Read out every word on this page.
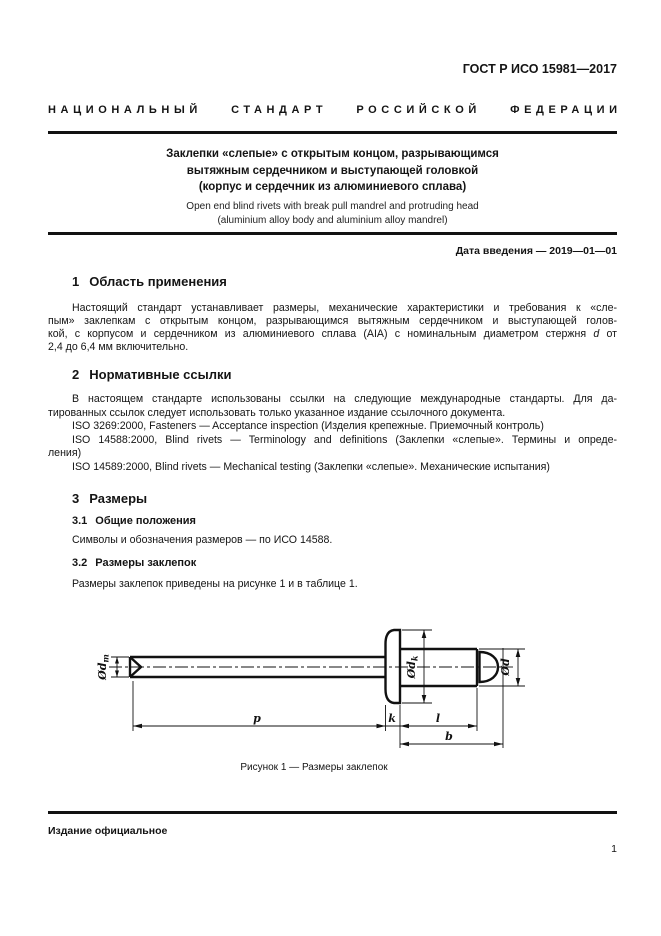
ГОСТ Р ИСО 15981—2017
НАЦИОНАЛЬНЫЙ	СТАНДАРТ	РОССИЙСКОЙ	ФЕДЕРАЦИИ
Заклепки «слепые» с открытым концом, разрывающимся
вытяжным сердечником и выступающей головкой
(корпус и сердечник из алюминиевого сплава)
Open end blind rivets with break pull mandrel and protruding head
(aluminium alloy body and aluminium alloy mandrel)
Дата введения — 2019—01—01
1 Область применения
Настоящий стандарт устанавливает размеры, механические характеристики и требования к «сле-
пым» заклепкам с открытым концом, разрывающимся вытяжным сердечником и выступающей голов-
кой, с корпусом и сердечником из алюминиевого сплава (AIA) с номинальным диаметром стержня d от
2,4 до 6,4 мм включительно.
2 Нормативные ссылки
В настоящем стандарте использованы ссылки на следующие международные стандарты. Для да-
тированных ссылок следует использовать только указанное издание ссылочного документа.
ISO 3269:2000, Fasteners — Acceptance inspection (Изделия крепежные. Приемочный контроль)
ISO 14588:2000, Blind rivets — Terminology and definitions (Заклепки «слепые». Термины и опреде-
ления)
ISO 14589:2000, Blind rivets — Mechanical testing (Заклепки «слепые». Механические испытания)
3 Размеры
3.1 Общие положения
Символы и обозначения размеров — по ИСО 14588.
3.2 Размеры заклепок
Размеры заклепок приведены на рисунке 1 и в таблице 1.
$Ød_m$
$Ød_k$	Ød
p	k	l
b
Рисунок 1 — Размеры заклепок
Издание официальное
1
